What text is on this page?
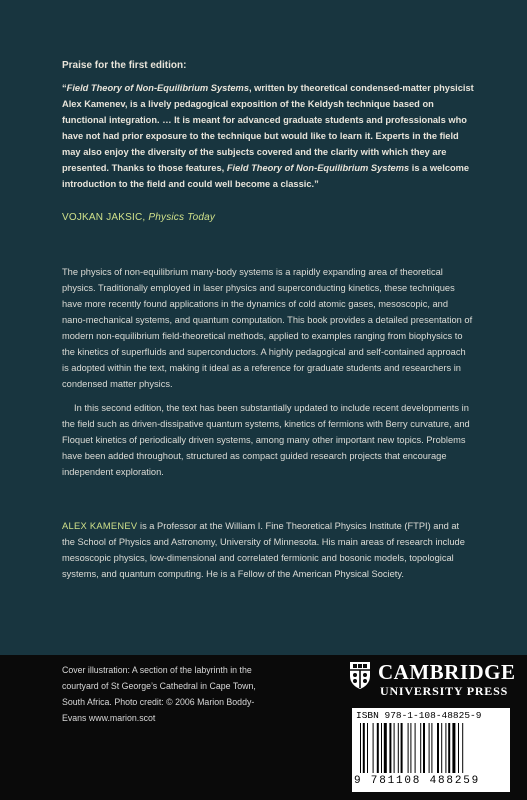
Praise for the first edition:
“Field Theory of Non-Equilibrium Systems, written by theoretical condensed-matter physicist Alex Kamenev, is a lively pedagogical exposition of the Keldysh technique based on functional integration. … It is meant for advanced graduate students and professionals who have not had prior exposure to the technique but would like to learn it. Experts in the field may also enjoy the diversity of the subjects covered and the clarity with which they are presented. Thanks to those features, Field Theory of Non-Equilibrium Systems is a welcome introduction to the field and could well become a classic.”
VOJKAN JAKSIC, Physics Today

The physics of non-equilibrium many-body systems is a rapidly expanding area of theoretical physics. Traditionally employed in laser physics and superconducting kinetics, these techniques have more recently found applications in the dynamics of cold atomic gases, mesoscopic, and nano-mechanical systems, and quantum computation. This book provides a detailed presentation of modern non-equilibrium field-theoretical methods, applied to examples ranging from biophysics to the kinetics of superfluids and superconductors. A highly pedagogical and self-contained approach is adopted within the text, making it ideal as a reference for graduate students and researchers in condensed matter physics.

In this second edition, the text has been substantially updated to include recent developments in the field such as driven-dissipative quantum systems, kinetics of fermions with Berry curvature, and Floquet kinetics of periodically driven systems, among many other important new topics. Problems have been added throughout, structured as compact guided research projects that encourage independent exploration.

ALEX KAMENEV is a Professor at the William I. Fine Theoretical Physics Institute (FTPI) and at the School of Physics and Astronomy, University of Minnesota. His main areas of research include mesoscopic physics, low-dimensional and correlated fermionic and bosonic models, topological systems, and quantum computing. He is a Fellow of the American Physical Society.
Cover illustration: A section of the labyrinth in the courtyard of St George’s Cathedral in Cape Town, South Africa. Photo credit: © 2006 Marion Boddy-Evans www.marion.scot
CAMBRIDGE
UNIVERSITY PRESS
ISBN 978-1-108-48825-9
9 781108 488259
